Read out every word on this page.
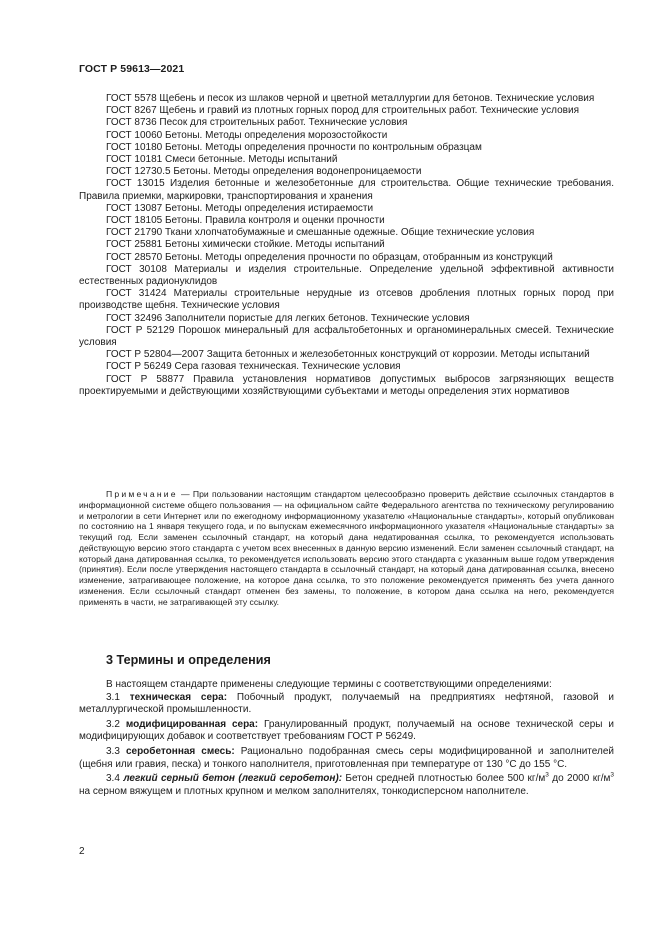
ГОСТ Р 59613—2021

ГОСТ 5578 Щебень и песок из шлаков черной и цветной металлургии для бетонов. Технические условия

ГОСТ 8267 Щебень и гравий из плотных горных пород для строительных работ. Технические условия

ГОСТ 8736 Песок для строительных работ. Технические условия

ГОСТ 10060 Бетоны. Методы определения морозостойкости

ГОСТ 10180 Бетоны. Методы определения прочности по контрольным образцам

ГОСТ 10181 Смеси бетонные. Методы испытаний

ГОСТ 12730.5 Бетоны. Методы определения водонепроницаемости

ГОСТ 13015 Изделия бетонные и железобетонные для строительства. Общие технические требования. Правила приемки, маркировки, транспортирования и хранения

ГОСТ 13087 Бетоны. Методы определения истираемости

ГОСТ 18105 Бетоны. Правила контроля и оценки прочности

ГОСТ 21790 Ткани хлопчатобумажные и смешанные одежные. Общие технические условия

ГОСТ 25881 Бетоны химически стойкие. Методы испытаний

ГОСТ 28570 Бетоны. Методы определения прочности по образцам, отобранным из конструкций

ГОСТ 30108 Материалы и изделия строительные. Определение удельной эффективной активности естественных радионуклидов

ГОСТ 31424 Материалы строительные нерудные из отсевов дробления плотных горных пород при производстве щебня. Технические условия

ГОСТ 32496 Заполнители пористые для легких бетонов. Технические условия

ГОСТ Р 52129 Порошок минеральный для асфальтобетонных и органоминеральных смесей. Технические условия

ГОСТ Р 52804—2007 Защита бетонных и железобетонных конструкций от коррозии. Методы испытаний

ГОСТ Р 56249 Сера газовая техническая. Технические условия

ГОСТ Р 58877 Правила установления нормативов допустимых выбросов загрязняющих веществ проектируемыми и действующими хозяйствующими субъектами и методы определения этих нормативов

Примечание — При пользовании настоящим стандартом целесообразно проверить действие ссылочных стандартов в информационной системе общего пользования — на официальном сайте Федерального агентства по техническому регулированию и метрологии в сети Интернет или по ежегодному информационному указателю «Национальные стандарты», который опубликован по состоянию на 1 января текущего года, и по выпускам ежемесячного информационного указателя «Национальные стандарты» за текущий год. Если заменен ссылочный стандарт, на который дана недатированная ссылка, то рекомендуется использовать действующую версию этого стандарта с учетом всех внесенных в данную версию изменений. Если заменен ссылочный стандарт, на который дана датированная ссылка, то рекомендуется использовать версию этого стандарта с указанным выше годом утверждения (принятия). Если после утверждения настоящего стандарта в ссылочный стандарт, на который дана датированная ссылка, внесено изменение, затрагивающее положение, на которое дана ссылка, то это положение рекомендуется применять без учета данного изменения. Если ссылочный стандарт отменен без замены, то положение, в котором дана ссылка на него, рекомендуется применять в части, не затрагивающей эту ссылку.

3 Термины и определения

В настоящем стандарте применены следующие термины с соответствующими определениями:

3.1 техническая сера: Побочный продукт, получаемый на предприятиях нефтяной, газовой и металлургической промышленности.

3.2 модифицированная сера: Гранулированный продукт, получаемый на основе технической серы и модифицирующих добавок и соответствует требованиям ГОСТ Р 56249.

3.3 серобетонная смесь: Рационально подобранная смесь серы модифицированной и заполнителей (щебня или гравия, песка) и тонкого наполнителя, приготовленная при температуре от 130 °С до 155 °С.

3.4 легкий серный бетон (легкий серобетон): Бетон средней плотностью более 500 $кг/м^3$ до 2000 $кг/м^3$ на серном вяжущем и плотных крупном и мелком заполнителях, тонкодисперсном наполнителе.

2
